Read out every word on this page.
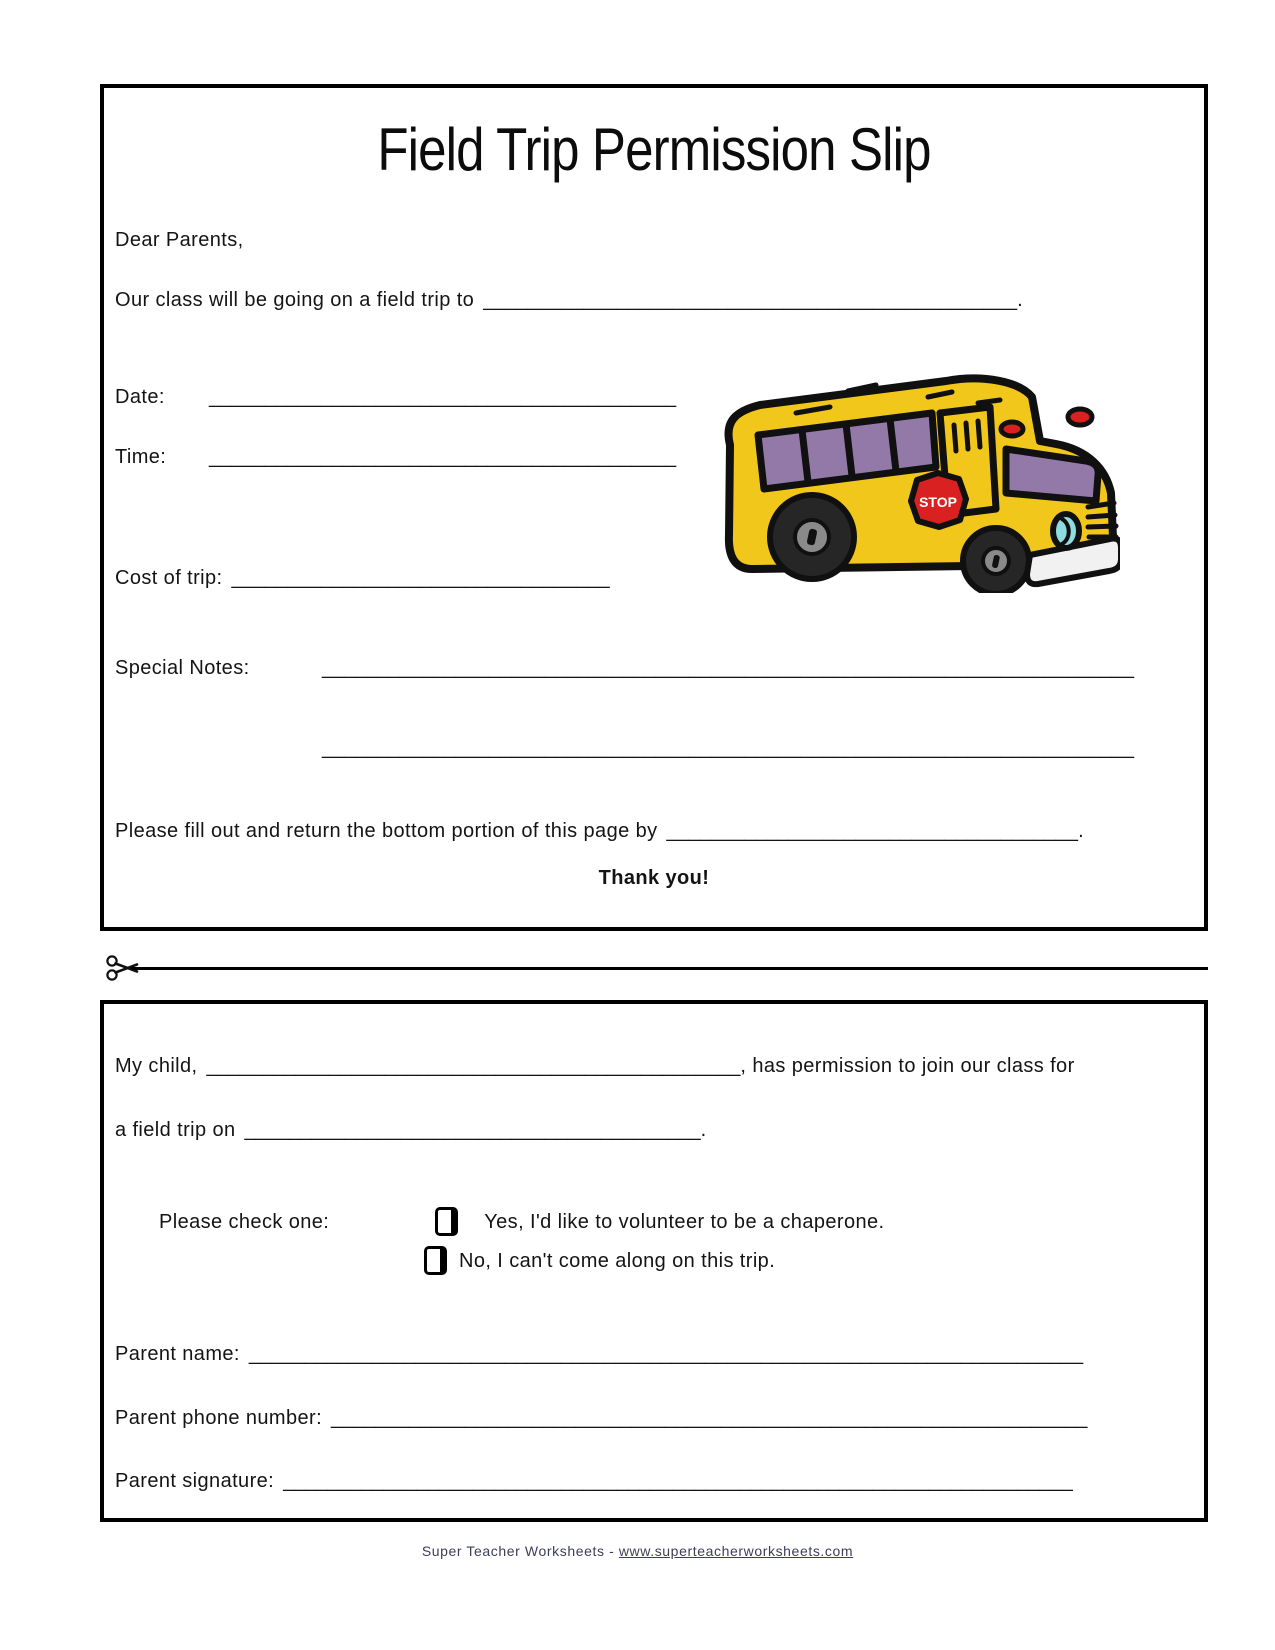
Field Trip Permission Slip
Dear Parents,
Our class will be going on a field trip to ________________________________________________.
Date: __________________________________________
Time: __________________________________________
Cost of trip: __________________________________
Special Notes:	_________________________________________________________________________
_________________________________________________________________________
Please fill out and return the bottom portion of this page by _____________________________________.
Thank you!
STOP
My child, ________________________________________________, has permission to join our class for
a field trip on _________________________________________.
Please check one:	Yes, I'd like to volunteer to be a chaperone.
No, I can't come along on this trip.
Parent name: ___________________________________________________________________________
Parent phone number: ____________________________________________________________________
Parent signature: _______________________________________________________________________
Super Teacher Worksheets - www.superteacherworksheets.com
